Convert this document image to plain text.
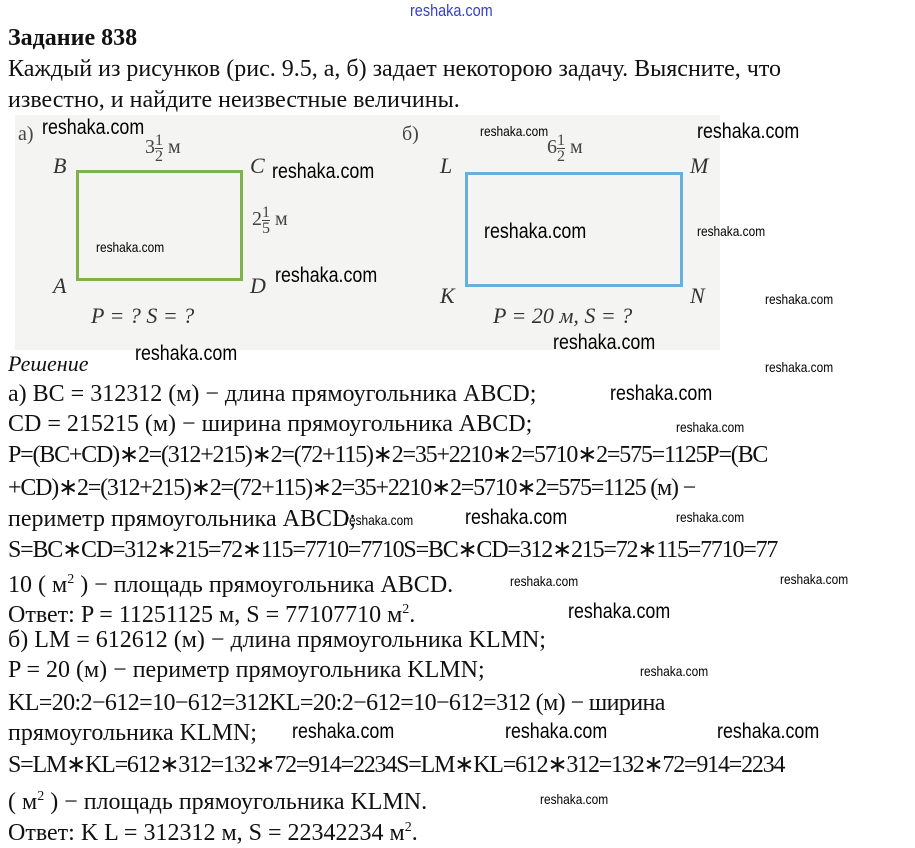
reshaka.com
Задание 838
Каждый из рисунков (рис. 9.5, а, б) задает некоторою задачу. Выясните, что
известно, и найдите неизвестные величины.
а)
$3 \frac{1}{2}$ м
B	C
A	D
$2 \frac{1}{5}$ м
P = ? S = ?
б)
$6 \frac{1}{2}$ м
L	M
K	N
P = 20 м, S = ?
Решение
а) BC = 312312 (м) − длина прямоугольника ABCD;
CD = 215215 (м) − ширина прямоугольника ABCD;
P=(BC+CD)∗2=(312+215)∗2=(72+115)∗2=35+2210∗2=5710∗2=575=1125P=(BC
+CD)∗2=(312+215)∗2=(72+115)∗2=35+2210∗2=5710∗2=575=1125 (м) −
периметр прямоугольника ABCD;
S=BC∗CD=312∗215=72∗115=7710=7710S=BC∗CD=312∗215=72∗115=7710=77
10 ( $м^2$ ) − площадь прямоугольника ABCD.
Ответ: P = 11251125 м, S = 77107710 $м^2$.
б) LM = 612612 (м) − длина прямоугольника KLMN;
P = 20 (м) − периметр прямоугольника KLMN;
KL=20:2−612=10−612=312KL=20:2−612=10−612=312 (м) − ширина
прямоугольника KLMN;
S=LM∗KL=612∗312=132∗72=914=2234S=LM∗KL=612∗312=132∗72=914=2234
( $м^2$ ) − площадь прямоугольника KLMN.
Ответ: K L = 312312 м, S = 22342234 $м^2$.
reshaka.com
reshaka.com
reshaka.com
reshaka.com
reshaka.com	reshaka.com
reshaka.com	reshaka.com
reshaka.com
reshaka.com
reshaka.com
reshaka.com
reshaka.com
reshaka.com
reshaka.com	reshaka.com
reshaka.com
reshaka.com	reshaka.com
reshaka.com
reshaka.com
reshaka.com	reshaka.com	reshaka.com
reshaka.com
